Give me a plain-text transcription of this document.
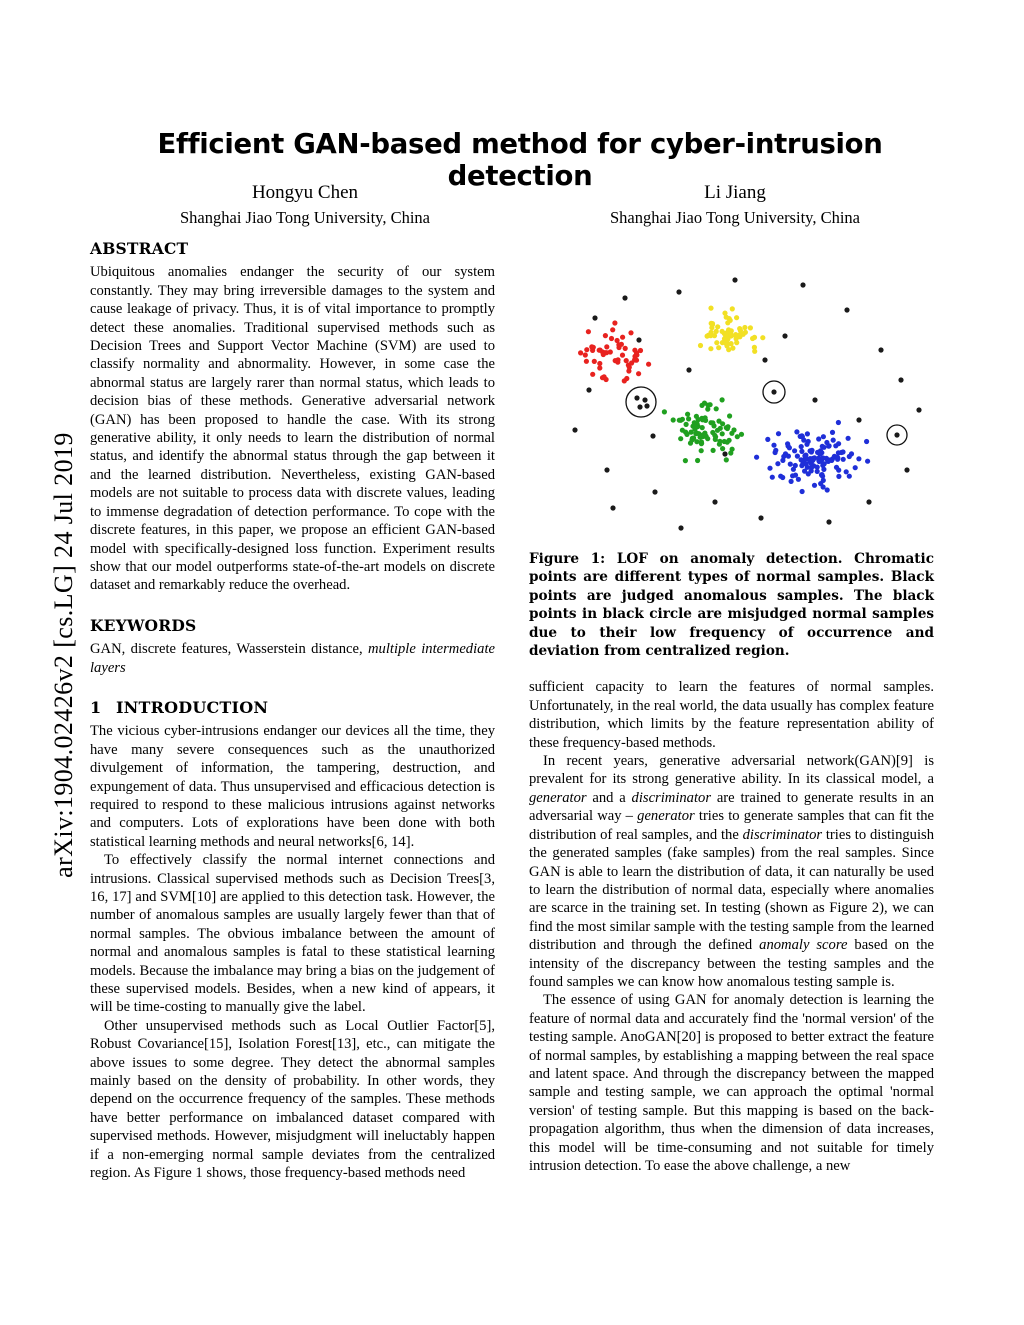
arXiv:1904.02426v2 [cs.LG] 24 Jul 2019
Efficient GAN-based method for cyber-intrusion detection
Hongyu Chen
Shanghai Jiao Tong University, China
Li Jiang
Shanghai Jiao Tong University, China
ABSTRACT

Ubiquitous anomalies endanger the security of our system constantly. They may bring irreversible damages to the system and cause leakage of privacy. Thus, it is of vital importance to promptly detect these anomalies. Traditional supervised methods such as Decision Trees and Support Vector Machine (SVM) are used to classify normality and abnormality. However, in some case the abnormal status are largely rarer than normal status, which leads to decision bias of these methods. Generative adversarial network (GAN) has been proposed to handle the case. With its strong generative ability, it only needs to learn the distribution of normal status, and identify the abnormal status through the gap between it and the learned distribution. Nevertheless, existing GAN-based models are not suitable to process data with discrete values, leading to immense degradation of detection performance. To cope with the discrete features, in this paper, we propose an efficient GAN-based model with specifically-designed loss function. Experiment results show that our model outperforms state-of-the-art models on discrete dataset and remarkably reduce the overhead.

KEYWORDS

GAN, discrete features, Wasserstein distance, multiple intermediate layers

1 INTRODUCTION

The vicious cyber-intrusions endanger our devices all the time, they have many severe consequences such as the unauthorized divulgement of information, the tampering, destruction, and expungement of data. Thus unsupervised and efficacious detection is required to respond to these malicious intrusions against networks and computers. Lots of explorations have been done with both statistical learning methods and neural networks[6, 14].

To effectively classify the normal internet connections and intrusions. Classical supervised methods such as Decision Trees[3, 16, 17] and SVM[10] are applied to this detection task. However, the number of anomalous samples are usually largely fewer than that of normal samples. The obvious imbalance between the amount of normal and anomalous samples is fatal to these statistical learning models. Because the imbalance may bring a bias on the judgement of these supervised models. Besides, when a new kind of appears, it will be time-costing to manually give the label.

Other unsupervised methods such as Local Outlier Factor[5], Robust Covariance[15], Isolation Forest[13], etc., can mitigate the above issues to some degree. They detect the abnormal samples mainly based on the density of probability. In other words, they depend on the occurrence frequency of the samples. These methods have better performance on imbalanced dataset compared with supervised methods. However, misjudgment will ineluctably happen if a non-emerging normal sample deviates from the centralized region. As Figure 1 shows, those frequency-based methods need

Figure 1: LOF on anomaly detection. Chromatic points are different types of normal samples. Black points are judged anomalous samples. The black points in black circle are misjudged normal samples due to their low frequency of occurrence and deviation from centralized region.

sufficient capacity to learn the features of normal samples. Unfortunately, in the real world, the data usually has complex feature distribution, which limits by the feature representation ability of these frequency-based methods.

In recent years, generative adversarial network(GAN)[9] is prevalent for its strong generative ability. In its classical model, a generator and a discriminator are trained to generate results in an adversarial way – generator tries to generate samples that can fit the distribution of real samples, and the discriminator tries to distinguish the generated samples (fake samples) from the real samples. Since GAN is able to learn the distribution of data, it can naturally be used to learn the distribution of normal data, especially where anomalies are scarce in the training set. In testing (shown as Figure 2), we can find the most similar sample with the testing sample from the learned distribution and through the defined anomaly score based on the intensity of the discrepancy between the testing samples and the found samples we can know how anomalous testing sample is.

The essence of using GAN for anomaly detection is learning the feature of normal data and accurately find the 'normal version' of the testing sample. AnoGAN[20] is proposed to better extract the feature of normal samples, by establishing a mapping between the real space and latent space. And through the discrepancy between the mapped sample and testing sample, we can approach the optimal 'normal version' of testing sample. But this mapping is based on the back-propagation algorithm, thus when the dimension of data increases, this model will be time-consuming and not suitable for timely intrusion detection. To ease the above challenge, a new
